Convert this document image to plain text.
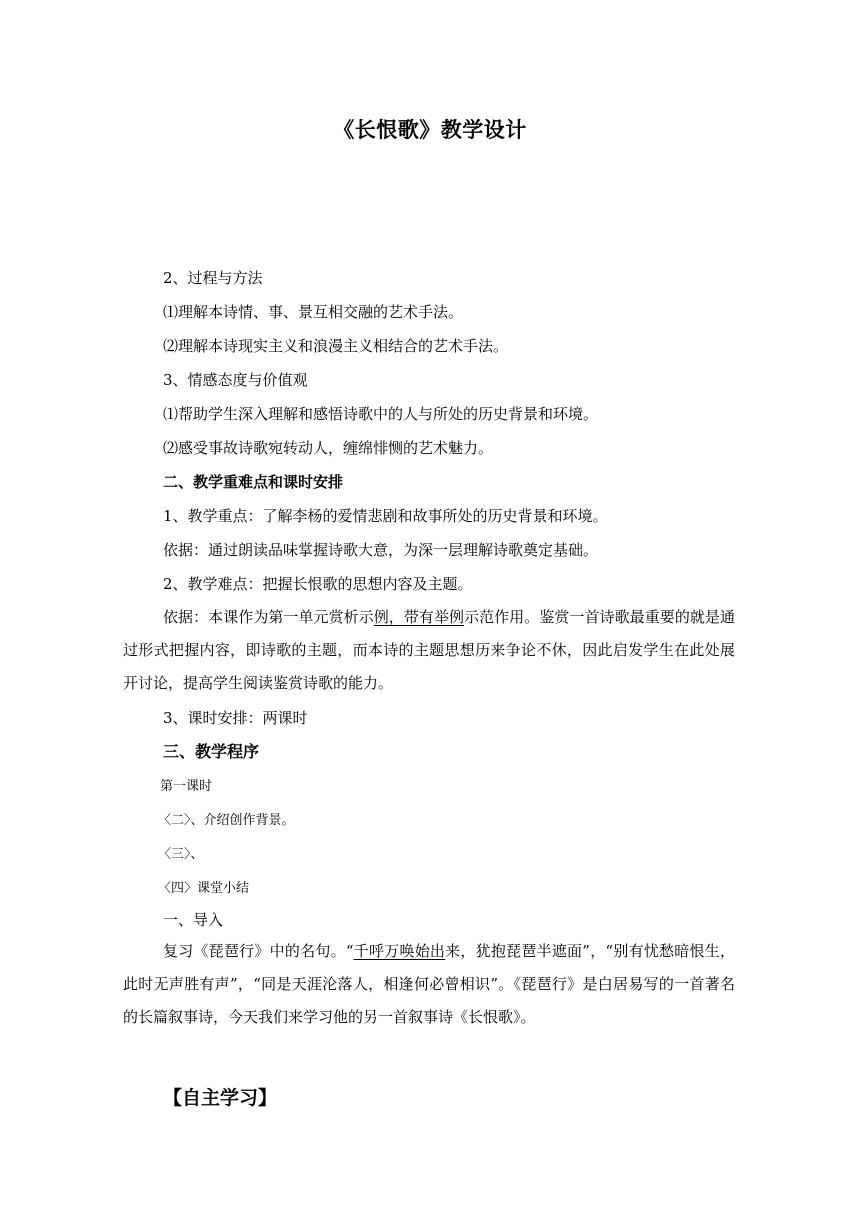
《长恨歌》教学设计
2、过程与方法
⑴理解本诗情、事、景互相交融的艺术手法。
⑵理解本诗现实主义和浪漫主义相结合的艺术手法。
3、情感态度与价值观
⑴帮助学生深入理解和感悟诗歌中的人与所处的历史背景和环境。
⑵感受事故诗歌宛转动人，缠绵悱恻的艺术魅力。
二、教学重难点和课时安排
1、教学重点：了解李杨的爱情悲剧和故事所处的历史背景和环境。
依据：通过朗读品味掌握诗歌大意，为深一层理解诗歌奠定基础。
2、教学难点：把握长恨歌的思想内容及主题。
依据：本课作为第一单元赏析示例，带有举例示范作用。鉴赏一首诗歌最重要的就是通过形式把握内容，即诗歌的主题，而本诗的主题思想历来争论不休，因此启发学生在此处展开讨论，提高学生阅读鉴赏诗歌的能力。
3、课时安排：两课时
三、教学程序
第一课时
〈二〉、介绍创作背景。
〈三〉、
〈四〉课堂小结
一、导入
复习《琵琶行》中的名句。“千呼万唤始出来，犹抱琵琶半遮面”，“别有忧愁暗恨生，此时无声胜有声”，“同是天涯沦落人，相逢何必曾相识”。《琵琶行》是白居易写的一首著名的长篇叙事诗，今天我们来学习他的另一首叙事诗《长恨歌》。
【自主学习】
